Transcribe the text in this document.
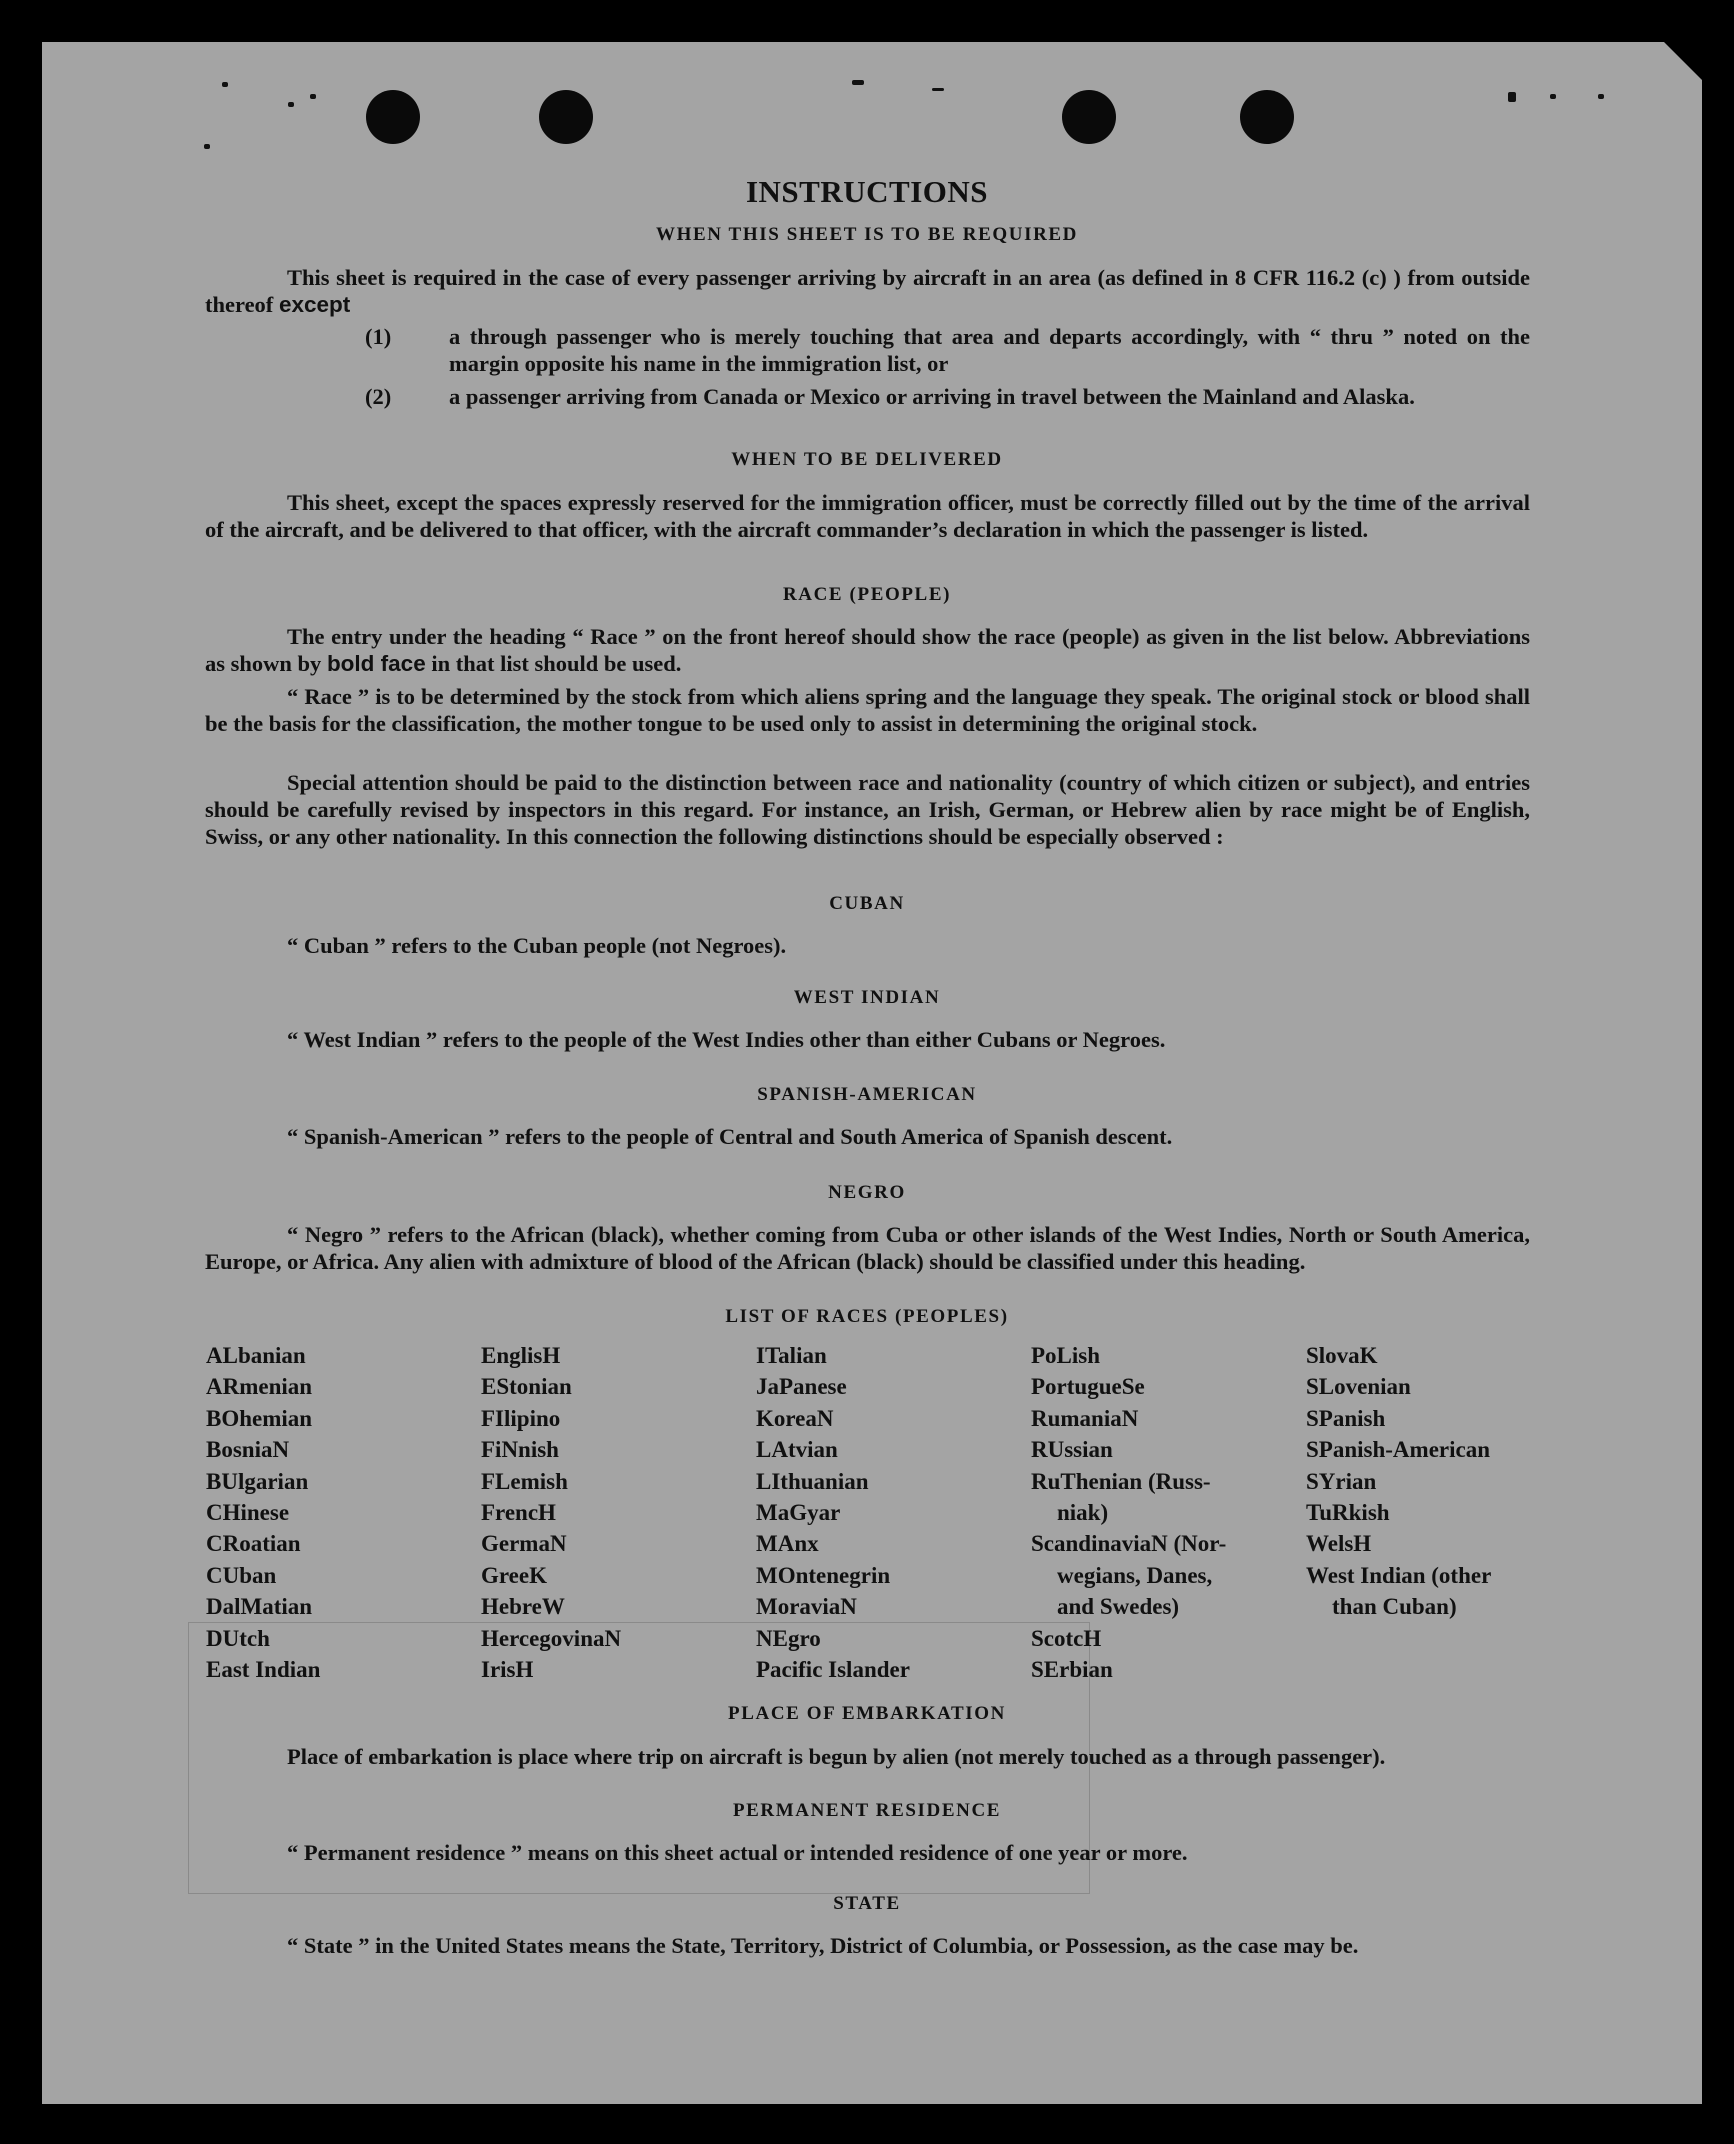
INSTRUCTIONS
WHEN THIS SHEET IS TO BE REQUIRED

This sheet is required in the case of every passenger arriving by aircraft in an area (as defined in 8 CFR 116.2 (c) ) from outside thereof except

(1)	a through passenger who is merely touching that area and departs accordingly, with “ thru ” noted on the margin opposite his name in the immigration list, or
(2)	a passenger arriving from Canada or Mexico or arriving in travel between the Mainland and Alaska.
WHEN TO BE DELIVERED

This sheet, except the spaces expressly reserved for the immigration officer, must be correctly filled out by the time of the arrival of the aircraft, and be delivered to that officer, with the aircraft commander’s declaration in which the passenger is listed.

RACE (PEOPLE)

The entry under the heading “ Race ” on the front hereof should show the race (people) as given in the list below. Abbreviations as shown by bold face in that list should be used.

“ Race ” is to be determined by the stock from which aliens spring and the language they speak. The original stock or blood shall be the basis for the classification, the mother tongue to be used only to assist in determining the original stock.

Special attention should be paid to the distinction between race and nationality (country of which citizen or subject), and entries should be carefully revised by inspectors in this regard. For instance, an Irish, German, or Hebrew alien by race might be of English, Swiss, or any other nationality. In this connection the following distinctions should be especially observed :

CUBAN

“ Cuban ” refers to the Cuban people (not Negroes).

WEST INDIAN

“ West Indian ” refers to the people of the West Indies other than either Cubans or Negroes.

SPANISH-AMERICAN

“ Spanish-American ” refers to the people of Central and South America of Spanish descent.

NEGRO

“ Negro ” refers to the African (black), whether coming from Cuba or other islands of the West Indies, North or South America, Europe, or Africa. Any alien with admixture of blood of the African (black) should be classified under this heading.

LIST OF RACES (PEOPLES)
ALbanian
ARmenian
BOhemian
BosniaN
BUlgarian
CHinese
CRoatian
CUban
DalMatian
DUtch
East Indian
EnglisH
EStonian
FIlipino
FiNnish
FLemish
FrencH
GermaN
GreeK
HebreW
HercegovinaN
IrisH
ITalian
JaPanese
KoreaN
LAtvian
LIthuanian
MaGyar
MAnx
MOntenegrin
MoraviaN
NEgro
Pacific Islander
PoLish
PortugueSe
RumaniaN
RUssian
RuThenian (Russ-
niak)
ScandinaviaN (Nor-
wegians, Danes,
and Swedes)
ScotcH
SErbian
SlovaK
SLovenian
SPanish
SPanish-American
SYrian
TuRkish
WelsH
West Indian (other
than Cuban)
PLACE OF EMBARKATION

Place of embarkation is place where trip on aircraft is begun by alien (not merely touched as a through passenger).

PERMANENT RESIDENCE

“ Permanent residence ” means on this sheet actual or intended residence of one year or more.

STATE

“ State ” in the United States means the State, Territory, District of Columbia, or Possession, as the case may be.
